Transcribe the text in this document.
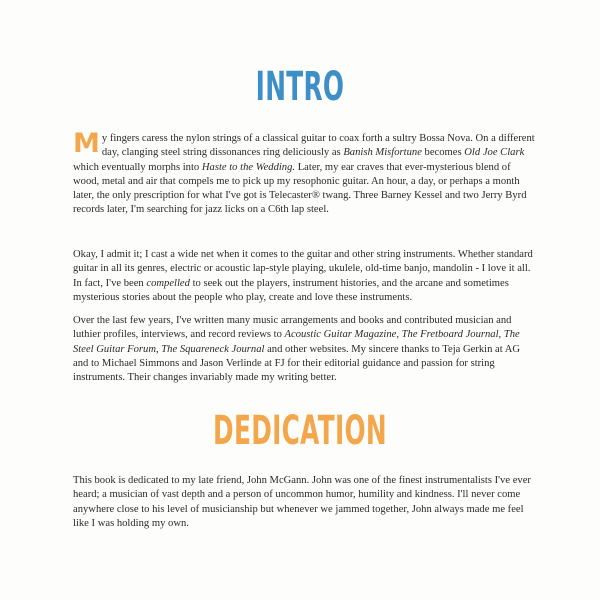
INTRO
My fingers caress the nylon strings of a classical guitar to coax forth a sultry Bossa Nova. On a different day, clanging steel string dissonances ring deliciously as Banish Misfortune becomes Old Joe Clark which eventually morphs into Haste to the Wedding. Later, my ear craves that ever-mysterious blend of wood, metal and air that compels me to pick up my resophonic guitar. An hour, a day, or perhaps a month later, the only prescription for what I've got is Telecaster® twang. Three Barney Kessel and two Jerry Byrd records later, I'm searching for jazz licks on a C6th lap steel.
Okay, I admit it; I cast a wide net when it comes to the guitar and other string instruments. Whether standard guitar in all its genres, electric or acoustic lap-style playing, ukulele, old-time banjo, mandolin - I love it all. In fact, I've been compelled to seek out the players, instrument histories, and the arcane and sometimes mysterious stories about the people who play, create and love these instruments.
Over the last few years, I've written many music arrangements and books and contributed musician and luthier profiles, interviews, and record reviews to Acoustic Guitar Magazine, The Fretboard Journal, The Steel Guitar Forum, The Squareneck Journal and other websites. My sincere thanks to Teja Gerkin at AG and to Michael Simmons and Jason Verlinde at FJ for their editorial guidance and passion for string instruments. Their changes invariably made my writing better.
DEDICATION
This book is dedicated to my late friend, John McGann. John was one of the finest instrumentalists I've ever heard; a musician of vast depth and a person of uncommon humor, humility and kindness. I'll never come anywhere close to his level of musicianship but whenever we jammed together, John always made me feel like I was holding my own.
